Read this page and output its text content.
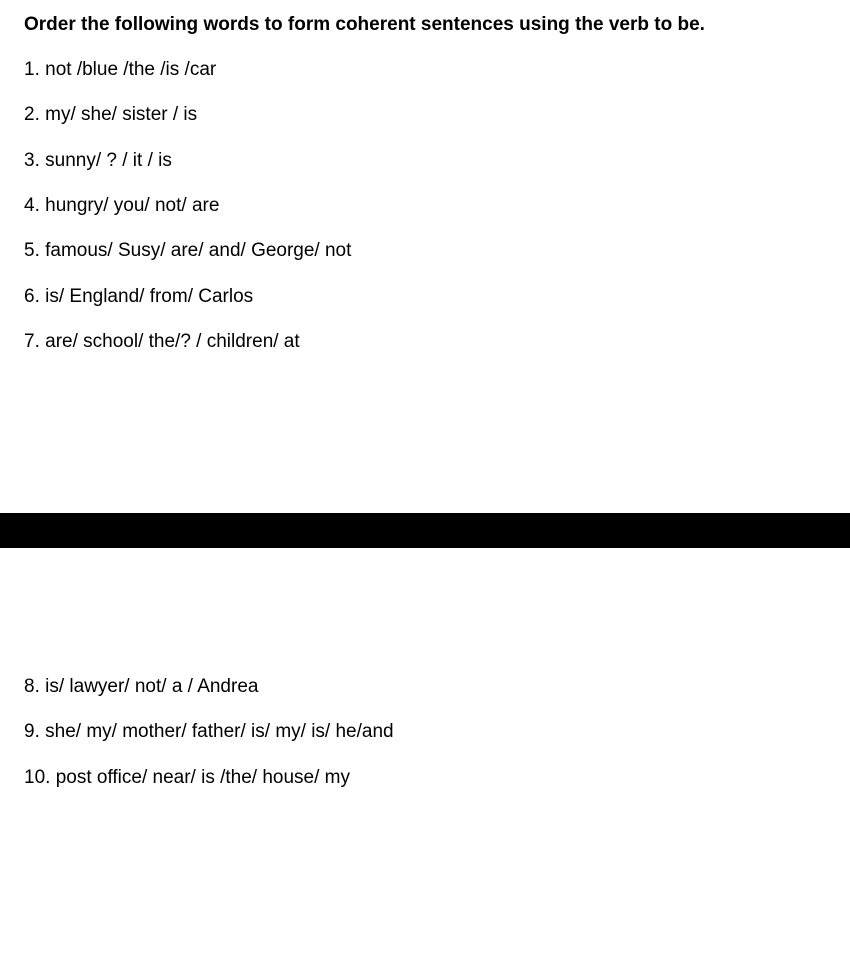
Order the following words to form coherent sentences using the verb to be.
1. not /blue /the /is /car
2. my/ she/ sister / is
3. sunny/ ? / it / is
4. hungry/ you/ not/ are
5. famous/ Susy/ are/ and/ George/ not
6. is/ England/ from/ Carlos
7. are/ school/ the/? / children/ at
8. is/ lawyer/ not/ a / Andrea
9. she/ my/ mother/ father/ is/ my/ is/ he/and
10. post office/ near/ is /the/ house/ my
